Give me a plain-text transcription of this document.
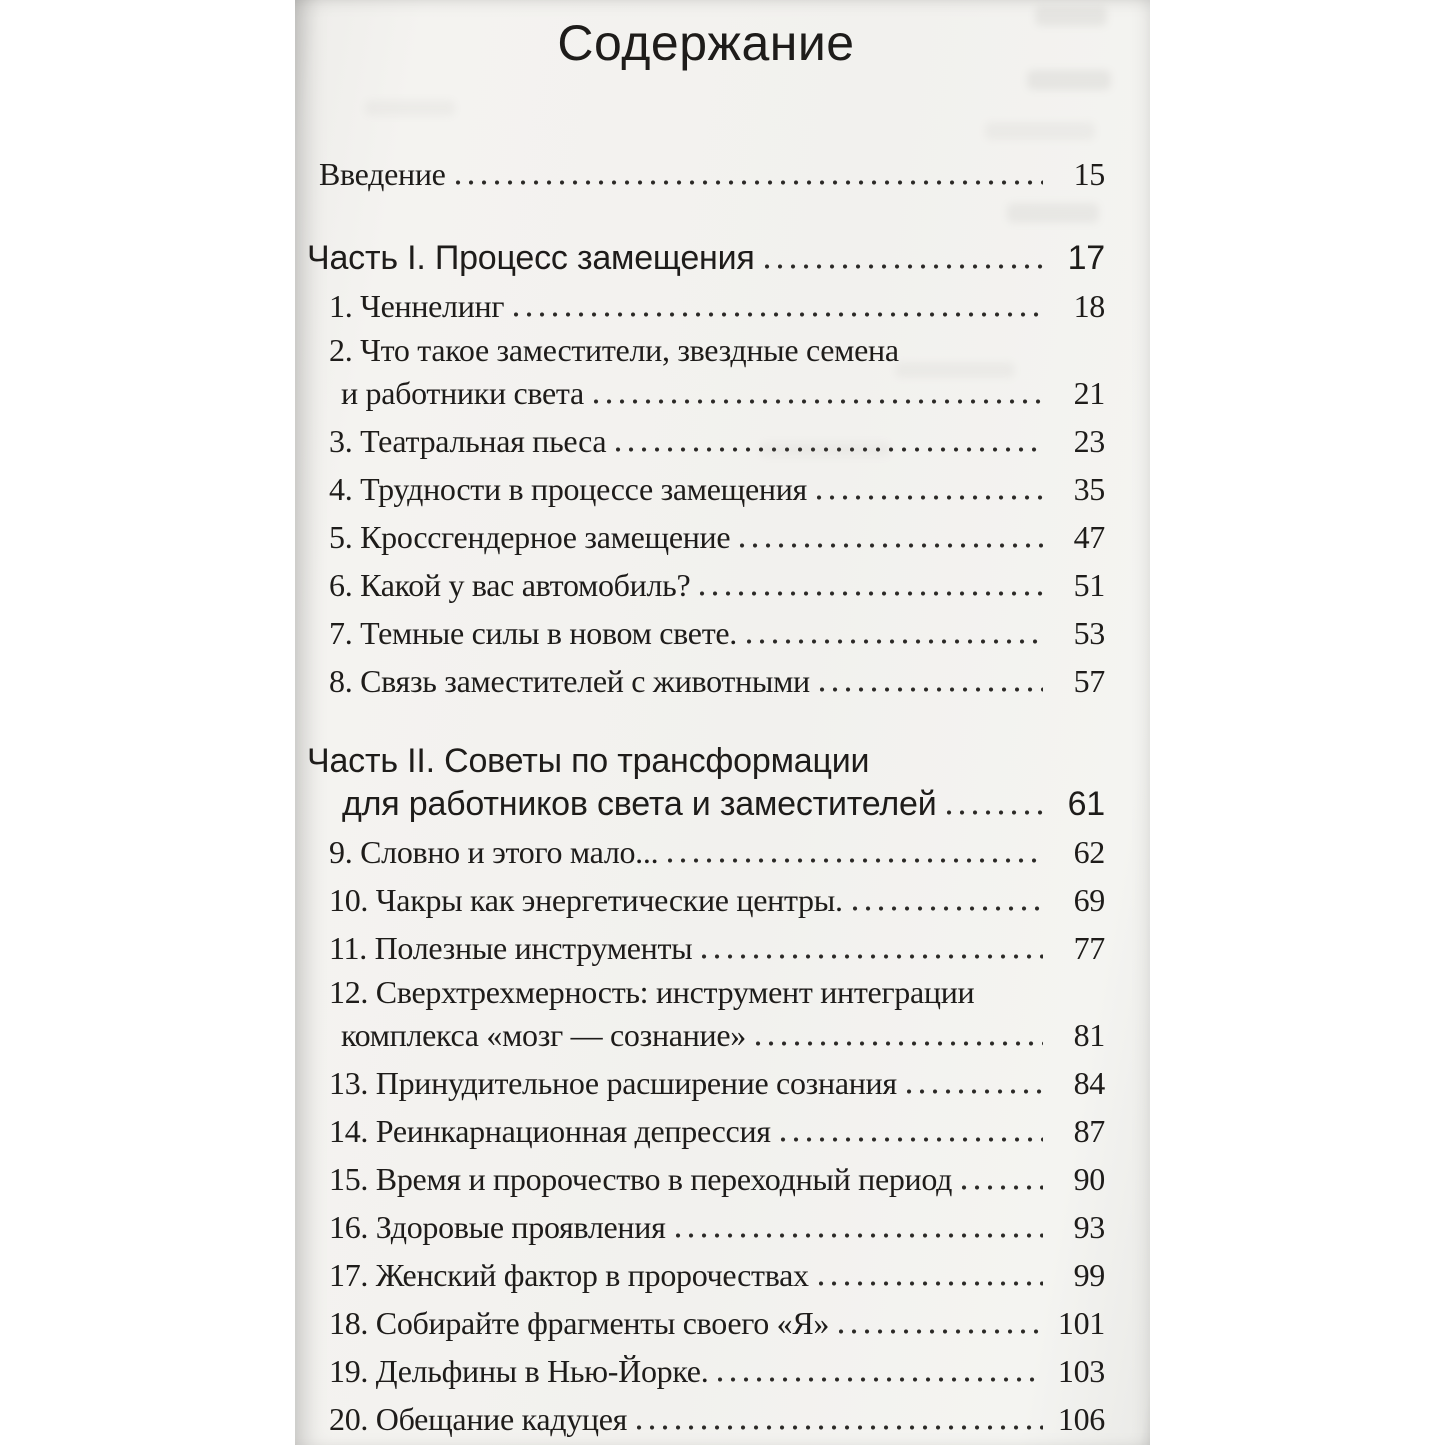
Содержание
Введение	15
Часть I. Процесс замещения	17
1. Ченнелинг	18
2. Что такое заместители, звездные семена
и работники света	21
3. Театральная пьеса	23
4. Трудности в процессе замещения	35
5. Кроссгендерное замещение	47
6. Какой у вас автомобиль?	51
7. Темные силы в новом свете.	53
8. Связь заместителей с животными	57
Часть II. Советы по трансформации
для работников света и заместителей	61
9. Словно и этого мало...	62
10. Чакры как энергетические центры.	69
11. Полезные инструменты	77
12. Сверхтрехмерность: инструмент интеграции
комплекса «мозг — сознание»	81
13. Принудительное расширение сознания	84
14. Реинкарнационная депрессия	87
15. Время и пророчество в переходный период	90
16. Здоровые проявления	93
17. Женский фактор в пророчествах	99
18. Собирайте фрагменты своего «Я»	101
19. Дельфины в Нью-Йорке.	103
20. Обещание кадуцея	106
